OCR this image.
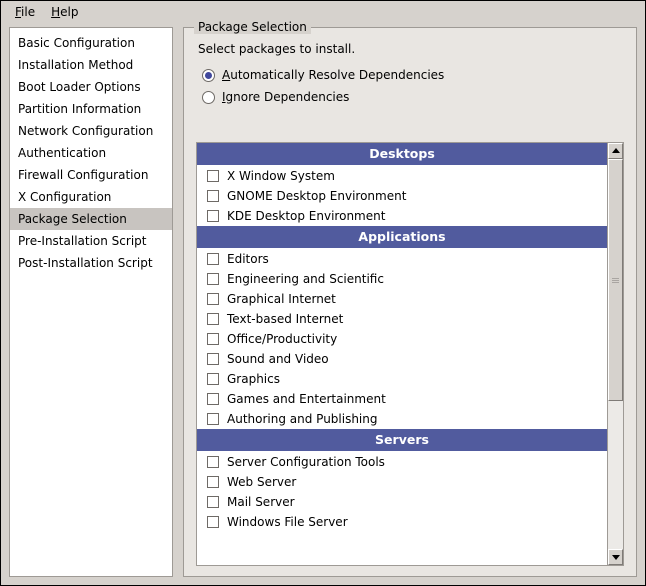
File	Help
Basic Configuration
Installation Method
Boot Loader Options
Partition Information
Network Configuration
Authentication
Firewall Configuration
X Configuration
Package Selection
Pre-Installation Script
Post-Installation Script
Package Selection
Select packages to install.
Automatically Resolve Dependencies
Ignore Dependencies
Desktops
X Window System
GNOME Desktop Environment
KDE Desktop Environment
Applications
Editors
Engineering and Scientific
Graphical Internet
Text-based Internet
Office/Productivity
Sound and Video
Graphics
Games and Entertainment
Authoring and Publishing
Servers
Server Configuration Tools
Web Server
Mail Server
Windows File Server
